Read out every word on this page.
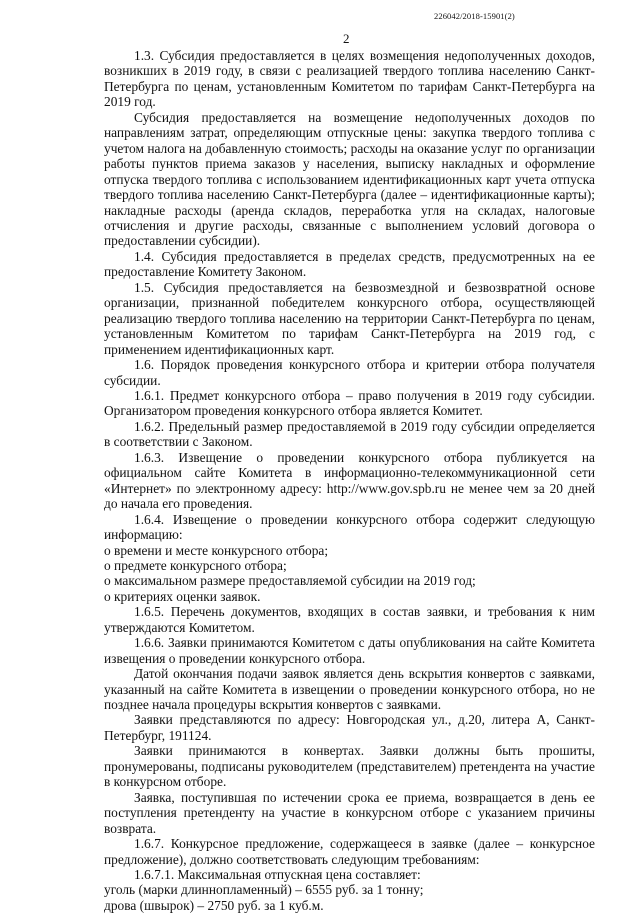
226042/2018-15901(2)
2

1.3. Субсидия предоставляется в целях возмещения недополученных доходов, возникших в 2019 году, в связи с реализацией твердого топлива населению Санкт-Петербурга по ценам, установленным Комитетом по тарифам Санкт-Петербурга на 2019 год.

Субсидия предоставляется на возмещение недополученных доходов по направлениям затрат, определяющим отпускные цены: закупка твердого топлива с учетом налога на добавленную стоимость; расходы на оказание услуг по организации работы пунктов приема заказов у населения, выписку накладных и оформление отпуска твердого топлива с использованием идентификационных карт учета отпуска твердого топлива населению Санкт-Петербурга (далее – идентификационные карты); накладные расходы (аренда складов, переработка угля на складах, налоговые отчисления и другие расходы, связанные с выполнением условий договора о предоставлении субсидии).

1.4. Субсидия предоставляется в пределах средств, предусмотренных на ее предоставление Комитету Законом.

1.5. Субсидия предоставляется на безвозмездной и безвозвратной основе организации, признанной победителем конкурсного отбора, осуществляющей реализацию твердого топлива населению на территории Санкт-Петербурга по ценам, установленным Комитетом по тарифам Санкт-Петербурга на 2019 год, с применением идентификационных карт.

1.6. Порядок проведения конкурсного отбора и критерии отбора получателя субсидии.

1.6.1. Предмет конкурсного отбора – право получения в 2019 году субсидии. Организатором проведения конкурсного отбора является Комитет.

1.6.2. Предельный размер предоставляемой в 2019 году субсидии определяется в соответствии с Законом.

1.6.3. Извещение о проведении конкурсного отбора публикуется на официальном сайте Комитета в информационно-телекоммуникационной сети «Интернет» по электронному адресу: http://www.gov.spb.ru не менее чем за 20 дней до начала его проведения.

1.6.4. Извещение о проведении конкурсного отбора содержит следующую информацию:

о времени и месте конкурсного отбора;

о предмете конкурсного отбора;

о максимальном размере предоставляемой субсидии на 2019 год;

о критериях оценки заявок.

1.6.5. Перечень документов, входящих в состав заявки, и требования к ним утверждаются Комитетом.

1.6.6. Заявки принимаются Комитетом с даты опубликования на сайте Комитета извещения о проведении конкурсного отбора.

Датой окончания подачи заявок является день вскрытия конвертов с заявками, указанный на сайте Комитета в извещении о проведении конкурсного отбора, но не позднее начала процедуры вскрытия конвертов с заявками.

Заявки представляются по адресу: Новгородская ул., д.20, литера А, Санкт-Петербург, 191124.

Заявки принимаются в конвертах. Заявки должны быть прошиты, пронумерованы, подписаны руководителем (представителем) претендента на участие в конкурсном отборе.

Заявка, поступившая по истечении срока ее приема, возвращается в день ее поступления претенденту на участие в конкурсном отборе с указанием причины возврата.

1.6.7. Конкурсное предложение, содержащееся в заявке (далее – конкурсное предложение), должно соответствовать следующим требованиям:

1.6.7.1. Максимальная отпускная цена составляет:

уголь (марки длиннопламенный) – 6555 руб. за 1 тонну;

дрова (швырок) – 2750 руб. за 1 куб.м.
